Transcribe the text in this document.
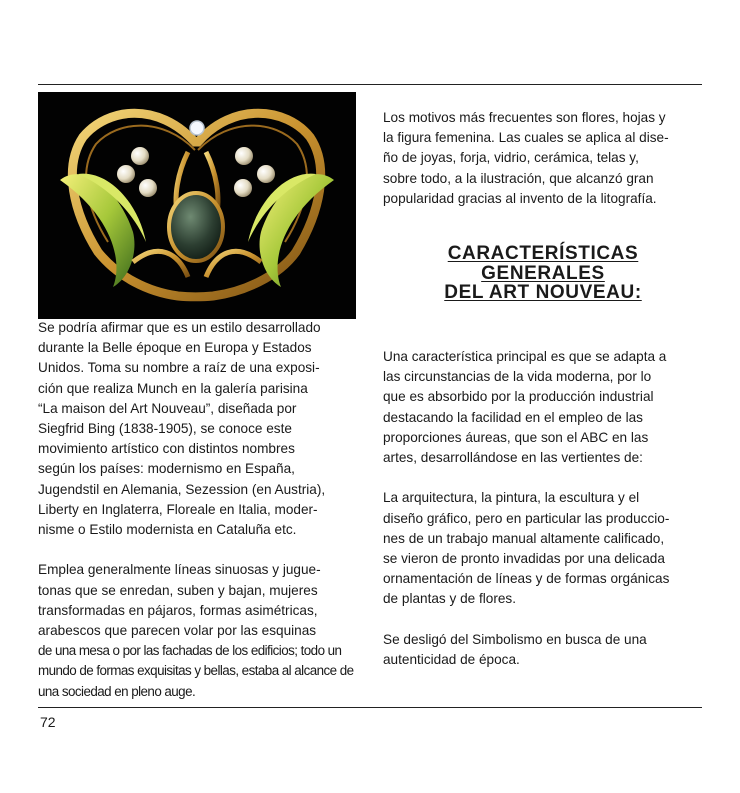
Se podría afirmar que es un estilo desarrollado
durante la Belle époque en Europa y Estados
Unidos. Toma su nombre a raíz de una exposi-
ción que realiza Munch en la galería parisina
“La maison del Art Nouveau”, diseñada por
Siegfrid Bing (1838-1905), se conoce este
movimiento artístico con distintos nombres
según los países: modernismo en España,
Jugendstil en Alemania, Sezession (en Austria),
Liberty en Inglaterra, Floreale en Italia, moder-
nisme o Estilo modernista en Cataluña etc.

Emplea generalmente líneas sinuosas y jugue-
tonas que se enredan, suben y bajan, mujeres
transformadas en pájaros, formas asimétricas,
arabescos que parecen volar por las esquinas
de una mesa o por las fachadas de los edificios; todo un
mundo de formas exquisitas y bellas, estaba al alcance de
una sociedad en pleno auge.

Los motivos más frecuentes son flores, hojas y
la figura femenina. Las cuales se aplica al dise-
ño de joyas, forja, vidrio, cerámica, telas y,
sobre todo, a la ilustración, que alcanzó gran
popularidad gracias al invento de la litografía.

CARACTERÍSTICAS
GENERALES
DEL ART NOUVEAU:

Una característica principal es que se adapta a
las circunstancias de la vida moderna, por lo
que es absorbido por la producción industrial
destacando la facilidad en el empleo de las
proporciones áureas, que son el ABC en las
artes, desarrollándose en las vertientes de:

La arquitectura, la pintura, la escultura y el
diseño gráfico, pero en particular las produccio-
nes de un trabajo manual altamente calificado,
se vieron de pronto invadidas por una delicada
ornamentación de líneas y de formas orgánicas
de plantas y de flores.

Se desligó del Simbolismo en busca de una
autenticidad de época.

72
